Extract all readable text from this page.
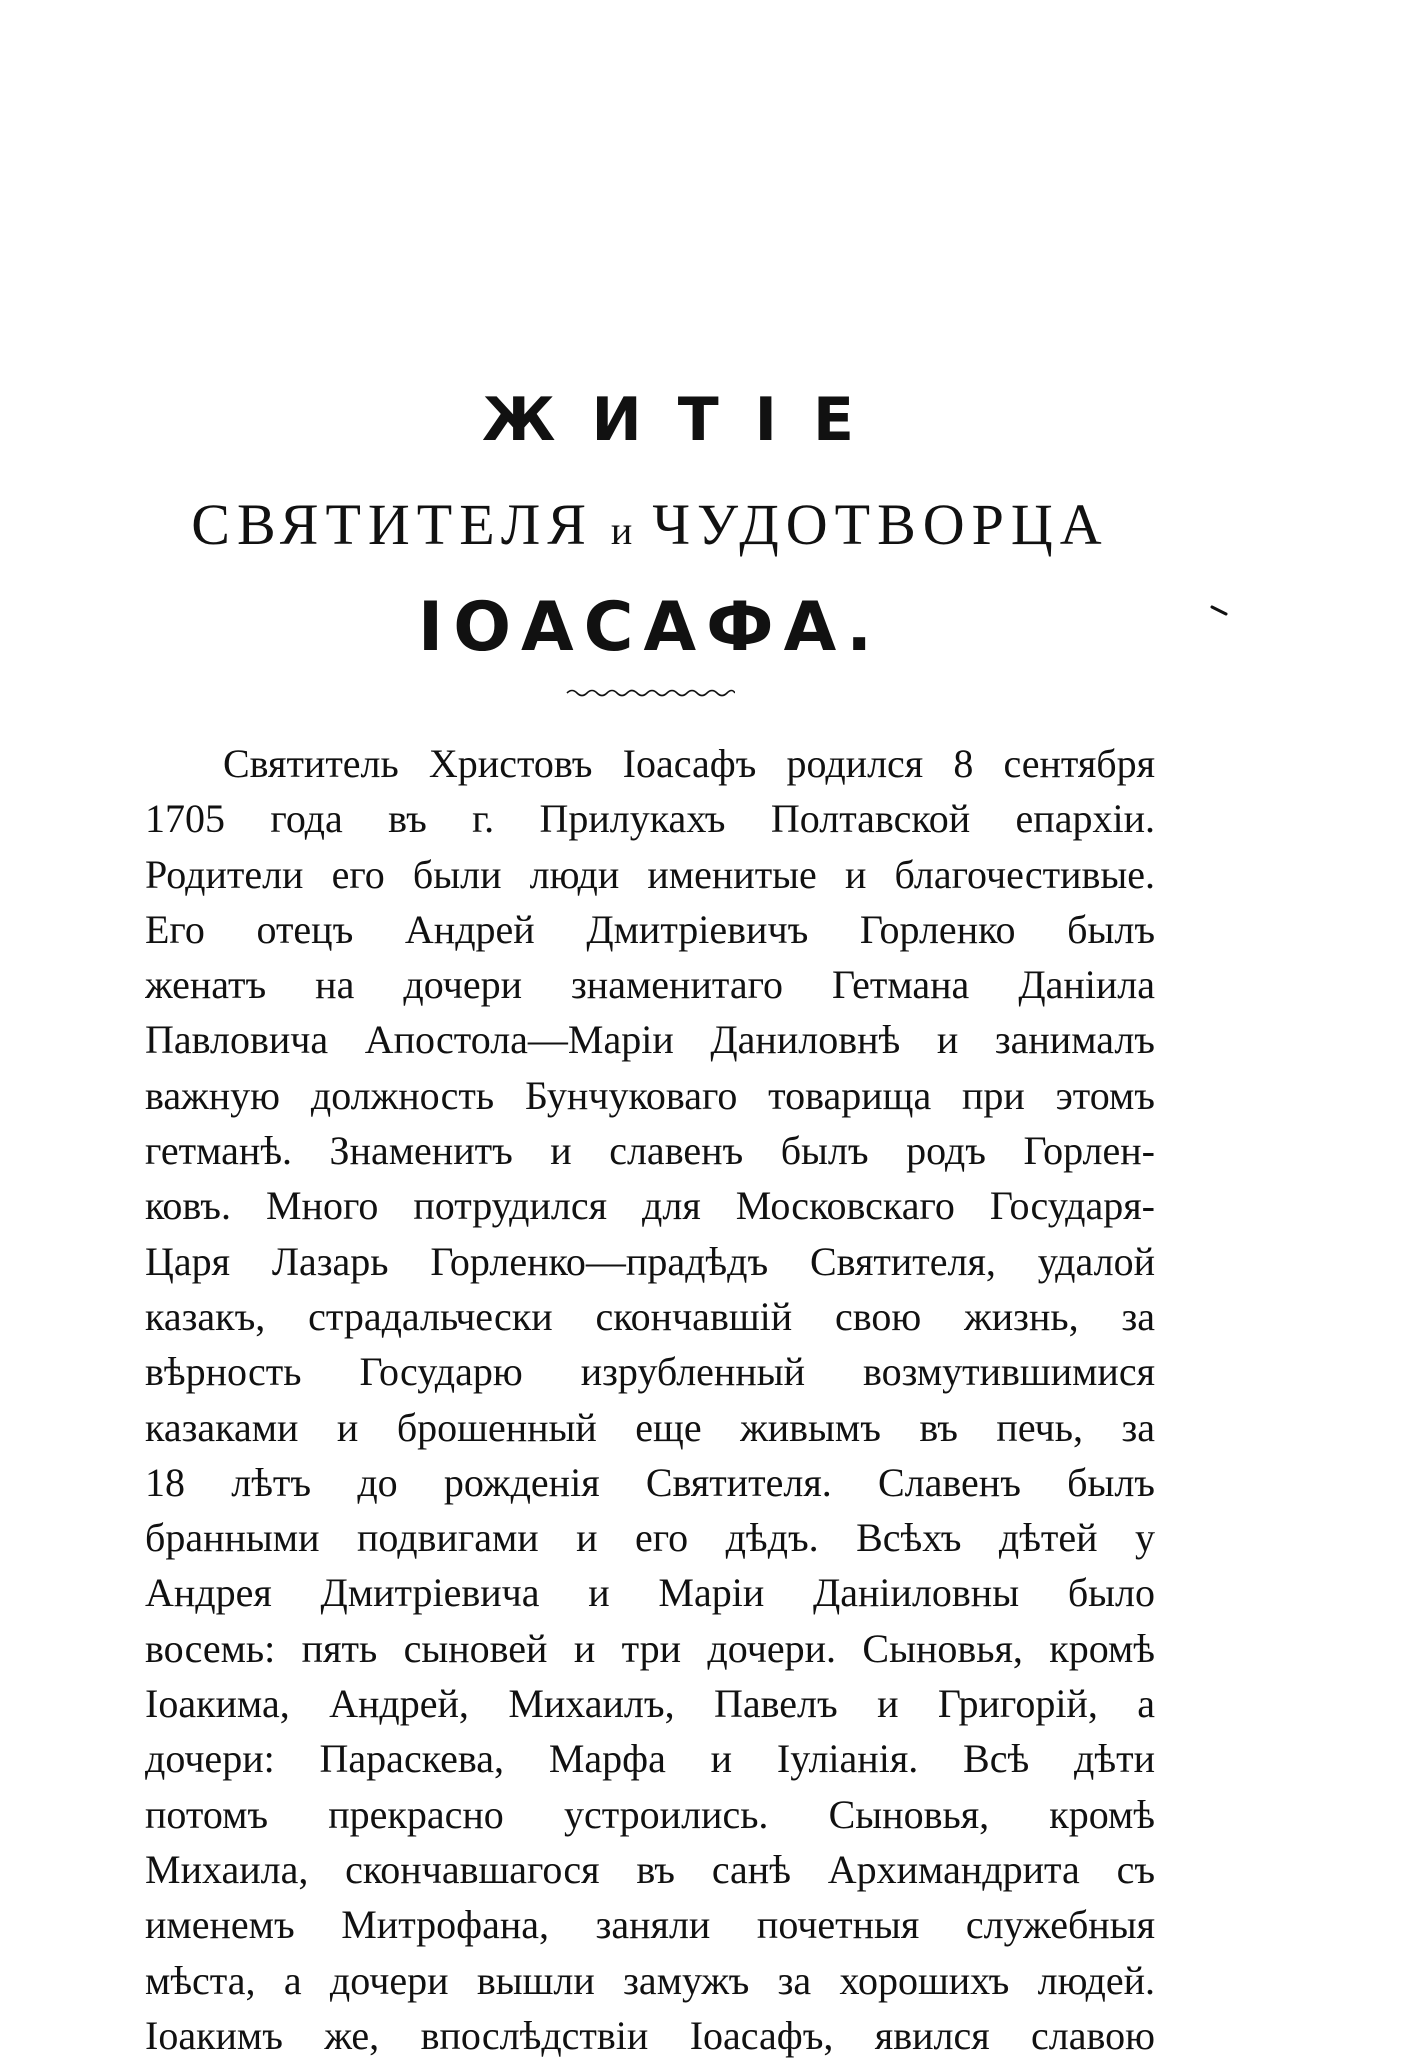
ЖИТІЕ
СВЯТИТЕЛЯ и ЧУДОТВОРЦА
ІОАСАФА.
Святитель Христовъ Іоасафъ родился 8 сентября
1705 года въ г. Прилукахъ Полтавской епархіи.
Родители его были люди именитые и благочестивые.
Его отецъ Андрей Дмитріевичъ Горленко былъ
женатъ на дочери знаменитаго Гетмана Даніила
Павловича Апостола—Маріи Даниловнѣ и занималъ
важную должность Бунчуковаго товарища при этомъ
гетманѣ. Знаменитъ и славенъ былъ родъ Горлен-
ковъ. Много потрудился для Московскаго Государя-
Царя Лазарь Горленко—прадѣдъ Святителя, удалой
казакъ, страдальчески скончавшій свою жизнь, за
вѣрность Государю изрубленный возмутившимися
казаками и брошенный еще живымъ въ печь, за
18 лѣтъ до рожденія Святителя. Славенъ былъ
бранными подвигами и его дѣдъ. Всѣхъ дѣтей у
Андрея Дмитріевича и Маріи Даніиловны было
восемь: пять сыновей и три дочери. Сыновья, кромѣ
Іоакима, Андрей, Михаилъ, Павелъ и Григорій, а
дочери: Параскева, Марфа и Іуліанія. Всѣ дѣти
потомъ прекрасно устроились. Сыновья, кромѣ
Михаила, скончавшагося въ санѣ Архимандрита съ
именемъ Митрофана, заняли почетныя служебныя
мѣста, а дочери вышли замужъ за хорошихъ людей.
Іоакимъ же, впослѣдствіи Іоасафъ, явился славою
